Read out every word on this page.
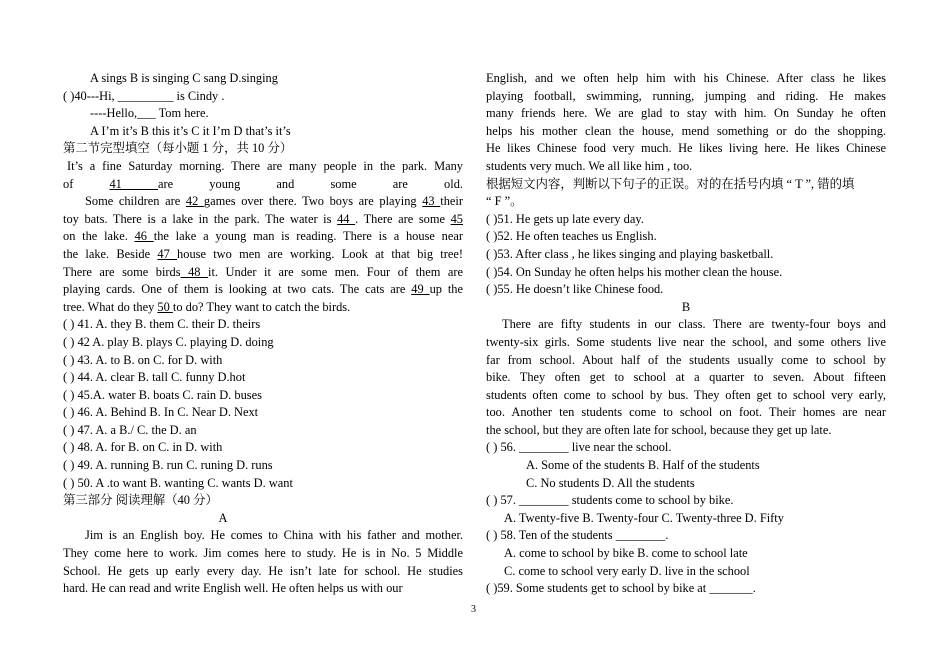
A sings B is singing C sang D.singing
( )40---Hi, _________ is Cindy .
----Hello,___ Tom here.
A I’m it’s B this it’s C it I’m D that’s it’s
第二节完型填空（每小题 1 分，共 10 分）
It’s a fine Saturday morning. There are many people in the park. Many
of 41 are young and some are old.
Some children are 42 games over there. Two boys are playing 43 their
toy bats. There is a lake in the park. The water is 44 . There are some 45
on the lake. 46 the lake a young man is reading. There is a house near
the lake. Beside 47 house two men are working. Look at that big tree!
There are some birds 48 it. Under it are some men. Four of them are
playing cards. One of them is looking at two cats. The cats are 49 up the
tree. What do they 50 to do? They want to catch the birds.
( ) 41. A. they B. them C. their D. theirs
( ) 42 A. play B. plays C. playing D. doing
( ) 43. A. to B. on C. for D. with
( ) 44. A. clear B. tall C. funny D.hot
( ) 45.A. water B. boats C. rain D. buses
( ) 46. A. Behind B. In C. Near D. Next
( ) 47. A. a B./ C. the D. an
( ) 48. A. for B. on C. in D. with
( ) 49. A. running B. run C. runing D. runs
( ) 50. A .to want B. wanting C. wants D. want
第三部分 阅读理解（40 分）
A
Jim is an English boy. He comes to China with his father and mother.
They come here to work. Jim comes here to study. He is in No. 5 Middle
School. He gets up early every day. He isn’t late for school. He studies
hard. He can read and write English well. He often helps us with our
English, and we often help him with his Chinese. After class he likes
playing football, swimming, running, jumping and riding. He makes
many friends here. We are glad to stay with him. On Sunday he often
helps his mother clean the house, mend something or do the shopping.
He likes Chinese food very much. He likes living here. He likes Chinese
students very much. We all like him , too.
根据短文内容，判断以下句子的正误。对的在括号内填 “ T ”, 错的填
“ F ”。
( )51. He gets up late every day.
( )52. He often teaches us English.
( )53. After class , he likes singing and playing basketball.
( )54. On Sunday he often helps his mother clean the house.
( )55. He doesn’t like Chinese food.
B
There are fifty students in our class. There are twenty-four boys and
twenty-six girls. Some students live near the school, and some others live
far from school. About half of the students usually come to school by
bike. They often get to school at a quarter to seven. About fifteen
students often come to school by bus. They often get to school very early,
too. Another ten students come to school on foot. Their homes are near
the school, but they are often late for school, because they get up late.
( ) 56. ________ live near the school.
A. Some of the students B. Half of the students
C. No students D. All the students
( ) 57. ________ students come to school by bike.
A. Twenty-five B. Twenty-four C. Twenty-three D. Fifty
( ) 58. Ten of the students ________.
A. come to school by bike B. come to school late
C. come to school very early D. live in the school
( )59. Some students get to school by bike at _______.
3
